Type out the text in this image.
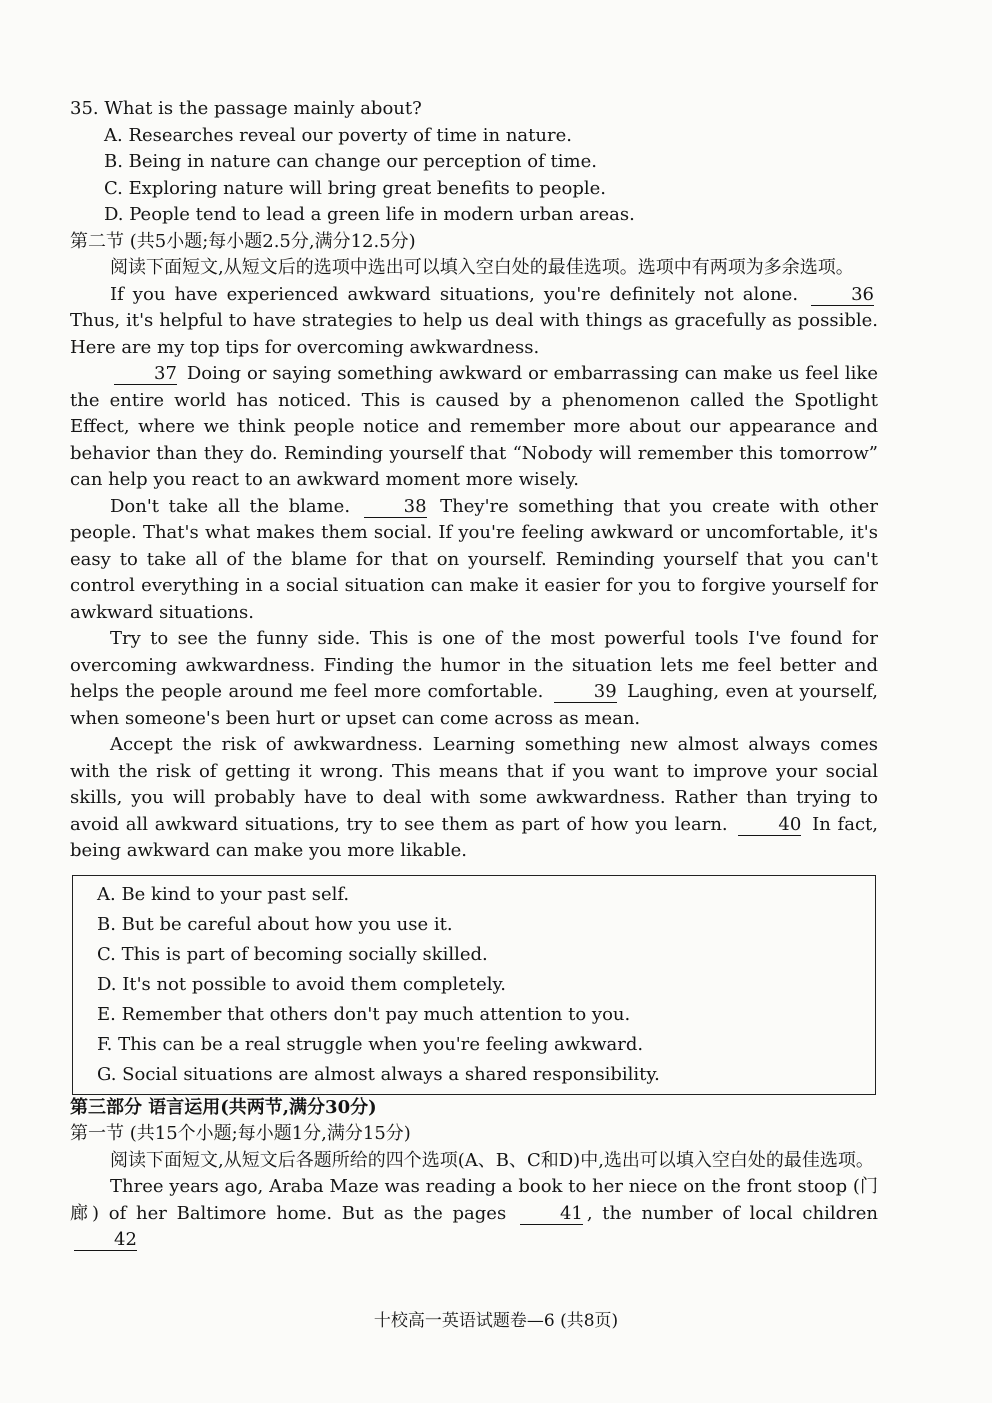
35. What is the passage mainly about?

A. Researches reveal our poverty of time in nature.

B. Being in nature can change our perception of time.

C. Exploring nature will bring great benefits to people.

D. People tend to lead a green life in modern urban areas.

第二节 (共5小题;每小题2.5分,满分12.5分)

阅读下面短文,从短文后的选项中选出可以填入空白处的最佳选项。选项中有两项为多余选项。

If you have experienced awkward situations, you're definitely not alone.	36 Thus, it's helpful to have strategies to help us deal with things as gracefully as possible. Here are my top tips for overcoming awkwardness.

37 Doing or saying something awkward or embarrassing can make us feel like the entire world has noticed. This is caused by a phenomenon called the Spotlight Effect, where we think people notice and remember more about our appearance and behavior than they do. Reminding yourself that “Nobody will remember this tomorrow” can help you react to an awkward moment more wisely.

Don't take all the blame.	38 They're something that you create with other people. That's what makes them social. If you're feeling awkward or uncomfortable, it's easy to take all of the blame for that on yourself. Reminding yourself that you can't control everything in a social situation can make it easier for you to forgive yourself for awkward situations.

Try to see the funny side. This is one of the most powerful tools I've found for overcoming awkwardness. Finding the humor in the situation lets me feel better and helps the people around me feel more comfortable.	39 Laughing, even at yourself, when someone's been hurt or upset can come across as mean.

Accept the risk of awkwardness. Learning something new almost always comes with the risk of getting it wrong. This means that if you want to improve your social skills, you will probably have to deal with some awkwardness. Rather than trying to avoid all awkward situations, try to see them as part of how you learn.	40 In fact, being awkward can make you more likable.

A. Be kind to your past self.

B. But be careful about how you use it.

C. This is part of becoming socially skilled.

D. It's not possible to avoid them completely.

E. Remember that others don't pay much attention to you.

F. This can be a real struggle when you're feeling awkward.

G. Social situations are almost always a shared responsibility.

第三部分 语言运用(共两节,满分30分)

第一节 (共15个小题;每小题1分,满分15分)

阅读下面短文,从短文后各题所给的四个选项(A、B、C和D)中,选出可以填入空白处的最佳选项。

Three years ago, Araba Maze was reading a book to her niece on the front stoop (门廊) of her Baltimore home. But as the pages	41 , the number of local children 42

十校高一英语试题卷—6 (共8页)
